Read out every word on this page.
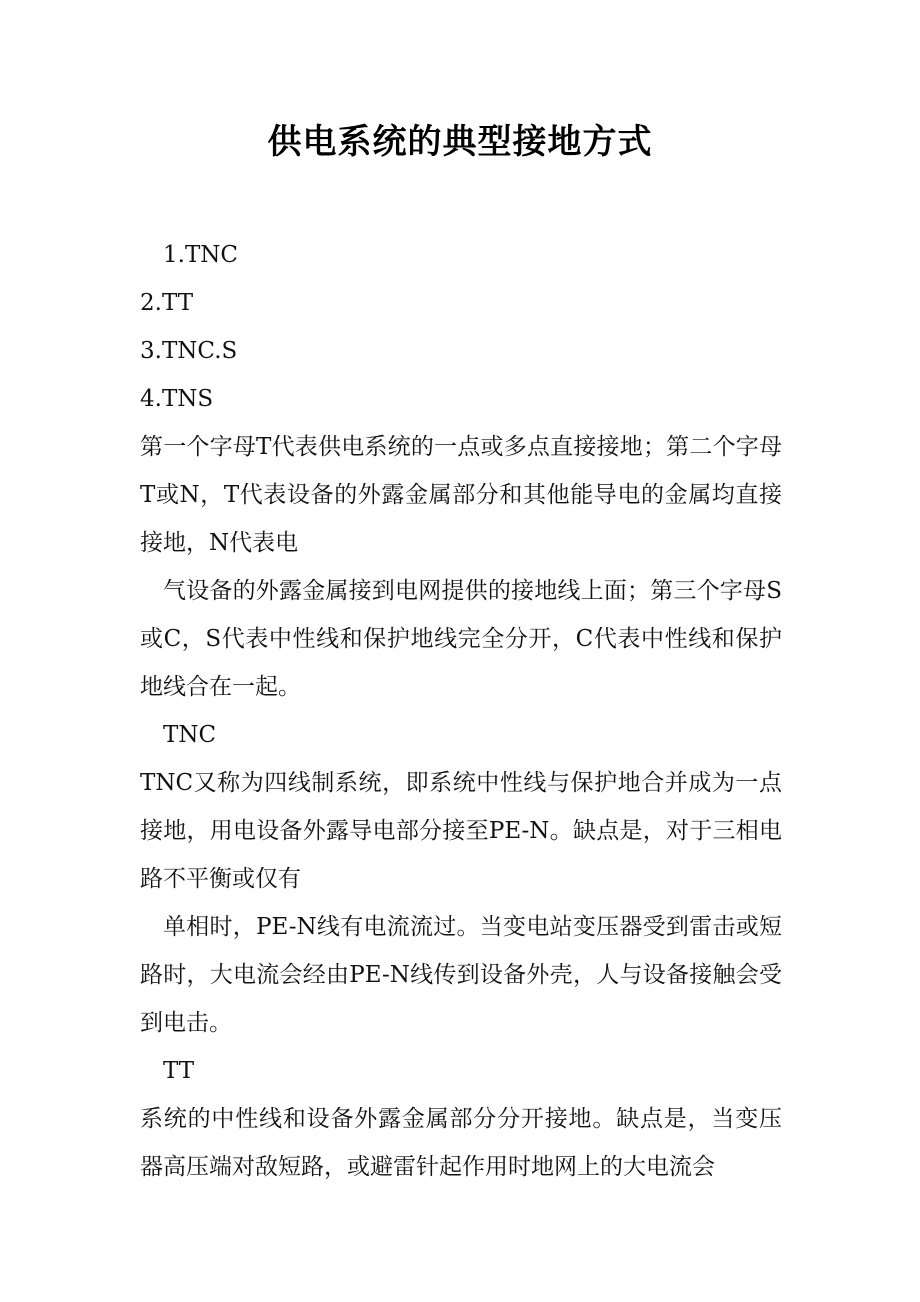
供电系统的典型接地方式

1.TNC

2.TT

3.TNC.S

4.TNS

第一个字母T代表供电系统的一点或多点直接接地；第二个字母T或N，T代表设备的外露金属部分和其他能导电的金属均直接接地，N代表电

气设备的外露金属接到电网提供的接地线上面；第三个字母S或C，S代表中性线和保护地线完全分开，C代表中性线和保护地线合在一起。

TNC

TNC又称为四线制系统，即系统中性线与保护地合并成为一点接地，用电设备外露导电部分接至PE-N。缺点是，对于三相电路不平衡或仅有

单相时，PE-N线有电流流过。当变电站变压器受到雷击或短路时，大电流会经由PE-N线传到设备外壳，人与设备接触会受到电击。

TT

系统的中性线和设备外露金属部分分开接地。缺点是，当变压器高压端对敌短路，或避雷针起作用时地网上的大电流会
